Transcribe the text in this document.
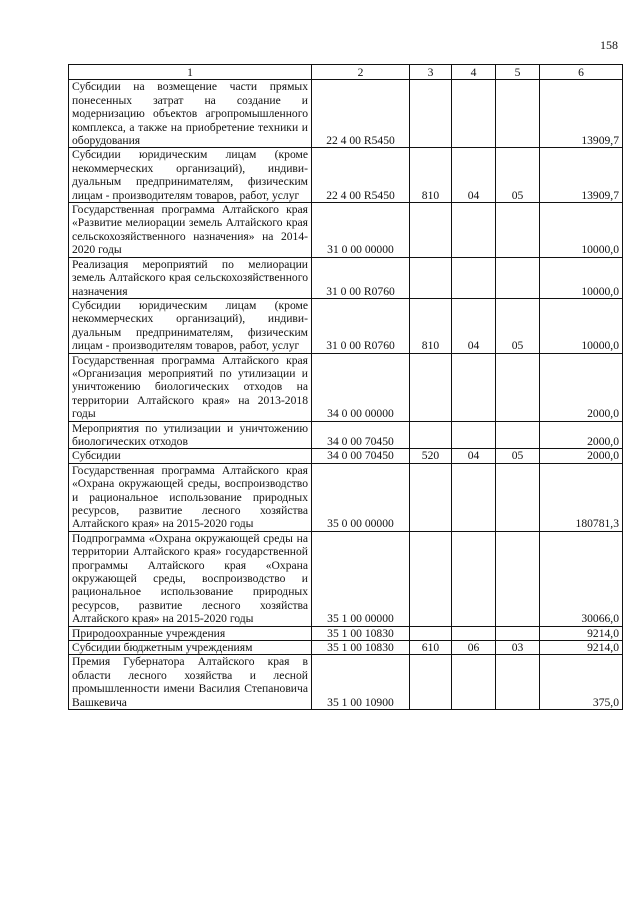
158
1	2	3	4	5	6
Субсидии на возмещение части прямых понесенных затрат на создание и модернизацию объектов агропромышленного комплекса, а также на приобретение техники и оборудования	22 4 00 R5450				13909,7
Субсидии юридическим лицам (кроме некоммерческих организаций), индивидуальным предпринимателям, физическим лицам - производителям товаров, работ, услуг	22 4 00 R5450	810	04	05	13909,7
Государственная программа Алтайского края «Развитие мелиорации земель Алтайского края сельскохозяйственного назначения» на 2014-2020 годы	31 0 00 00000				10000,0
Реализация мероприятий по мелиорации земель Алтайского края сельскохозяйственного назначения	31 0 00 R0760				10000,0
Субсидии юридическим лицам (кроме некоммерческих организаций), индивидуальным предпринимателям, физическим лицам - производителям товаров, работ, услуг	31 0 00 R0760	810	04	05	10000,0
Государственная программа Алтайского края «Организация мероприятий по утилизации и уничтожению биологических отходов на территории Алтайского края» на 2013-2018 годы	34 0 00 00000				2000,0
Мероприятия по утилизации и уничтожению биологических отходов	34 0 00 70450				2000,0
Субсидии	34 0 00 70450	520	04	05	2000,0
Государственная программа Алтайского края «Охрана окружающей среды, воспроизводство и рациональное использование природных ресурсов, развитие лесного хозяйства Алтайского края» на 2015-2020 годы	35 0 00 00000				180781,3
Подпрограмма «Охрана окружающей среды на территории Алтайского края» государственной программы Алтайского края «Охрана окружающей среды, воспроизводство и рациональное использование природных ресурсов, развитие лесного хозяйства Алтайского края» на 2015-2020 годы	35 1 00 00000				30066,0
Природоохранные учреждения	35 1 00 10830				9214,0
Субсидии бюджетным учреждениям	35 1 00 10830	610	06	03	9214,0
Премия Губернатора Алтайского края в области лесного хозяйства и лесной промышленности имени Василия Степановича Вашкевича	35 1 00 10900				375,0
